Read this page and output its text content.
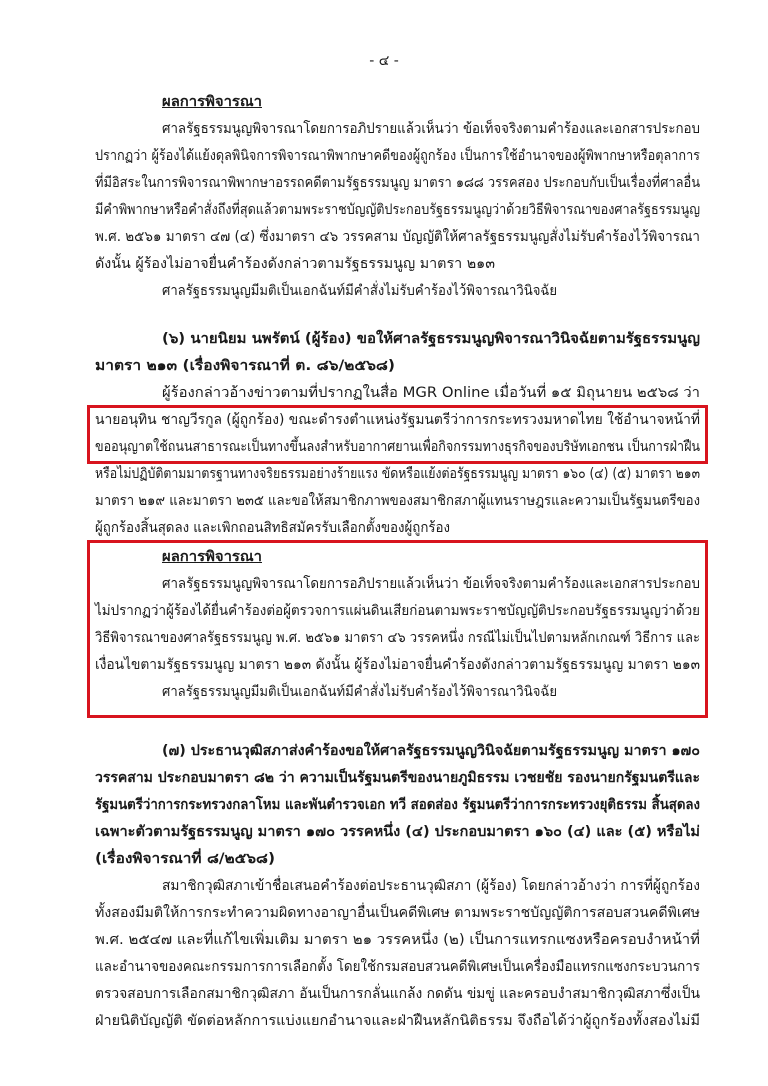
- ๔ -
ผลการพิจารณา
ศาลรัฐธรรมนูญพิจารณาโดยการอภิปรายแล้วเห็นว่า ข้อเท็จจริงตามคำร้องและเอกสารประกอบ
ปรากฏว่า ผู้ร้องได้แย้งดุลพินิจการพิจารณาพิพากษาคดีของผู้ถูกร้อง เป็นการใช้อำนาจของผู้พิพากษาหรือตุลาการ
ที่มีอิสระในการพิจารณาพิพากษาอรรถคดีตามรัฐธรรมนูญ มาตรา ๑๘๘ วรรคสอง ประกอบกับเป็นเรื่องที่ศาลอื่น
มีคำพิพากษาหรือคำสั่งถึงที่สุดแล้วตามพระราชบัญญัติประกอบรัฐธรรมนูญว่าด้วยวิธีพิจารณาของศาลรัฐธรรมนูญ
พ.ศ. ๒๕๖๑ มาตรา ๔๗ (๔) ซึ่งมาตรา ๔๖ วรรคสาม บัญญัติให้ศาลรัฐธรรมนูญสั่งไม่รับคำร้องไว้พิจารณา
ดังนั้น ผู้ร้องไม่อาจยื่นคำร้องดังกล่าวตามรัฐธรรมนูญ มาตรา ๒๑๓
ศาลรัฐธรรมนูญมีมติเป็นเอกฉันท์มีคำสั่งไม่รับคำร้องไว้พิจารณาวินิจฉัย
(๖) นายนิยม นพรัตน์ (ผู้ร้อง) ขอให้ศาลรัฐธรรมนูญพิจารณาวินิจฉัยตามรัฐธรรมนูญ
มาตรา ๒๑๓ (เรื่องพิจารณาที่ ต. ๘๖/๒๕๖๘)
ผู้ร้องกล่าวอ้างข่าวตามที่ปรากฏในสื่อ MGR Online เมื่อวันที่ ๑๕ มิถุนายน ๒๕๖๘ ว่า
นายอนุทิน ชาญวีรกูล (ผู้ถูกร้อง) ขณะดำรงตำแหน่งรัฐมนตรีว่าการกระทรวงมหาดไทย ใช้อำนาจหน้าที่
ขออนุญาตใช้ถนนสาธารณะเป็นทางขึ้นลงสำหรับอากาศยานเพื่อกิจกรรมทางธุรกิจของบริษัทเอกชน เป็นการฝ่าฝืน
หรือไม่ปฏิบัติตามมาตรฐานทางจริยธรรมอย่างร้ายแรง ขัดหรือแย้งต่อรัฐธรรมนูญ มาตรา ๑๖๐ (๔) (๕) มาตรา ๒๑๓
มาตรา ๒๑๙ และมาตรา ๒๓๕ และขอให้สมาชิกภาพของสมาชิกสภาผู้แทนราษฎรและความเป็นรัฐมนตรีของ
ผู้ถูกร้องสิ้นสุดลง และเพิกถอนสิทธิสมัครรับเลือกตั้งของผู้ถูกร้อง
ผลการพิจารณา
ศาลรัฐธรรมนูญพิจารณาโดยการอภิปรายแล้วเห็นว่า ข้อเท็จจริงตามคำร้องและเอกสารประกอบ
ไม่ปรากฏว่าผู้ร้องได้ยื่นคำร้องต่อผู้ตรวจการแผ่นดินเสียก่อนตามพระราชบัญญัติประกอบรัฐธรรมนูญว่าด้วย
วิธีพิจารณาของศาลรัฐธรรมนูญ พ.ศ. ๒๕๖๑ มาตรา ๔๖ วรรคหนึ่ง กรณีไม่เป็นไปตามหลักเกณฑ์ วิธีการ และ
เงื่อนไขตามรัฐธรรมนูญ มาตรา ๒๑๓ ดังนั้น ผู้ร้องไม่อาจยื่นคำร้องดังกล่าวตามรัฐธรรมนูญ มาตรา ๒๑๓
ศาลรัฐธรรมนูญมีมติเป็นเอกฉันท์มีคำสั่งไม่รับคำร้องไว้พิจารณาวินิจฉัย
(๗) ประธานวุฒิสภาส่งคำร้องขอให้ศาลรัฐธรรมนูญวินิจฉัยตามรัฐธรรมนูญ มาตรา ๑๗๐
วรรคสาม ประกอบมาตรา ๘๒ ว่า ความเป็นรัฐมนตรีของนายภูมิธรรม เวชยชัย รองนายกรัฐมนตรีและ
รัฐมนตรีว่าการกระทรวงกลาโหม และพันตำรวจเอก ทวี สอดส่อง รัฐมนตรีว่าการกระทรวงยุติธรรม สิ้นสุดลง
เฉพาะตัวตามรัฐธรรมนูญ มาตรา ๑๗๐ วรรคหนึ่ง (๔) ประกอบมาตรา ๑๖๐ (๔) และ (๕) หรือไม่
(เรื่องพิจารณาที่ ๘/๒๕๖๘)
สมาชิกวุฒิสภาเข้าชื่อเสนอคำร้องต่อประธานวุฒิสภา (ผู้ร้อง) โดยกล่าวอ้างว่า การที่ผู้ถูกร้อง
ทั้งสองมีมติให้การกระทำความผิดทางอาญาอื่นเป็นคดีพิเศษ ตามพระราชบัญญัติการสอบสวนคดีพิเศษ
พ.ศ. ๒๕๔๗ และที่แก้ไขเพิ่มเติม มาตรา ๒๑ วรรคหนึ่ง (๒) เป็นการแทรกแซงหรือครอบงำหน้าที่
และอำนาจของคณะกรรมการการเลือกตั้ง โดยใช้กรมสอบสวนคดีพิเศษเป็นเครื่องมือแทรกแซงกระบวนการ
ตรวจสอบการเลือกสมาชิกวุฒิสภา อันเป็นการกลั่นแกล้ง กดดัน ข่มขู่ และครอบงำสมาชิกวุฒิสภาซึ่งเป็น
ฝ่ายนิติบัญญัติ ขัดต่อหลักการแบ่งแยกอำนาจและฝ่าฝืนหลักนิติธรรม จึงถือได้ว่าผู้ถูกร้องทั้งสองไม่มี
